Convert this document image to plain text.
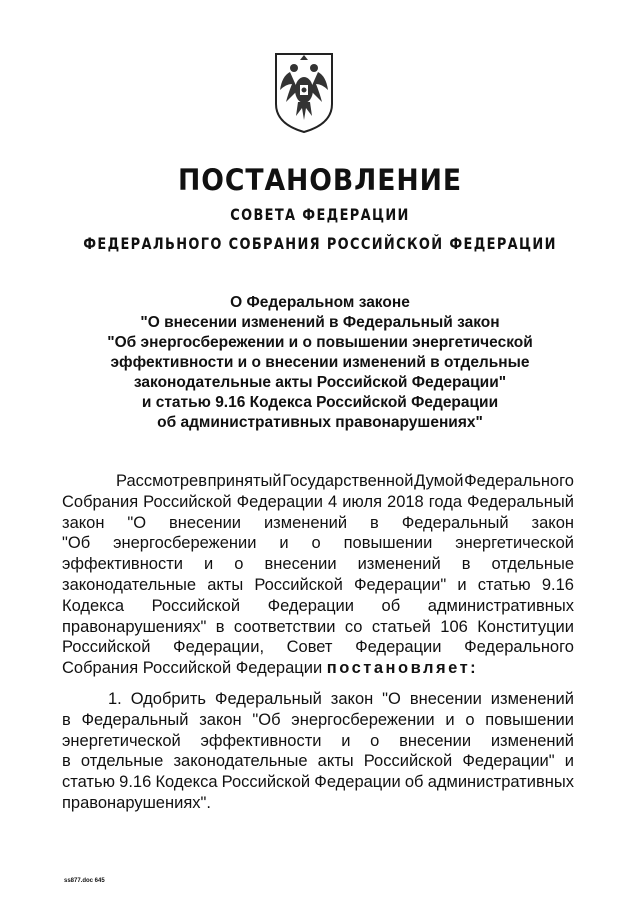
ПОСТАНОВЛЕНИЕ
СОВЕТА ФЕДЕРАЦИИ
ФЕДЕРАЛЬНОГО СОБРАНИЯ РОССИЙСКОЙ ФЕДЕРАЦИИ
О Федеральном законе
"О внесении изменений в Федеральный закон
"Об энергосбережении и о повышении энергетической
эффективности и о внесении изменений в отдельные
законодательные акты Российской Федерации"
и статью 9.16 Кодекса Российской Федерации
об административных правонарушениях"
Рассмотрев принятый Государственной Думой Федерального
Собрания Российской Федерации 4 июля 2018 года Федеральный
закон "О внесении изменений в Федеральный закон
"Об энергосбережении и о повышении энергетической
эффективности и о внесении изменений в отдельные
законодательные акты Российской Федерации" и статью 9.16
Кодекса Российской Федерации об административных
правонарушениях" в соответствии со статьей 106 Конституции
Российской Федерации, Совет Федерации Федерального
Собрания Российской Федерации
постановляет:
1. Одобрить Федеральный закон "О внесении изменений
в Федеральный закон "Об энергосбережении и о повышении
энергетической эффективности и о внесении изменений
в отдельные законодательные акты Российской Федерации" и
статью 9.16 Кодекса Российской Федерации об административных
правонарушениях".
ss877.doc 645
